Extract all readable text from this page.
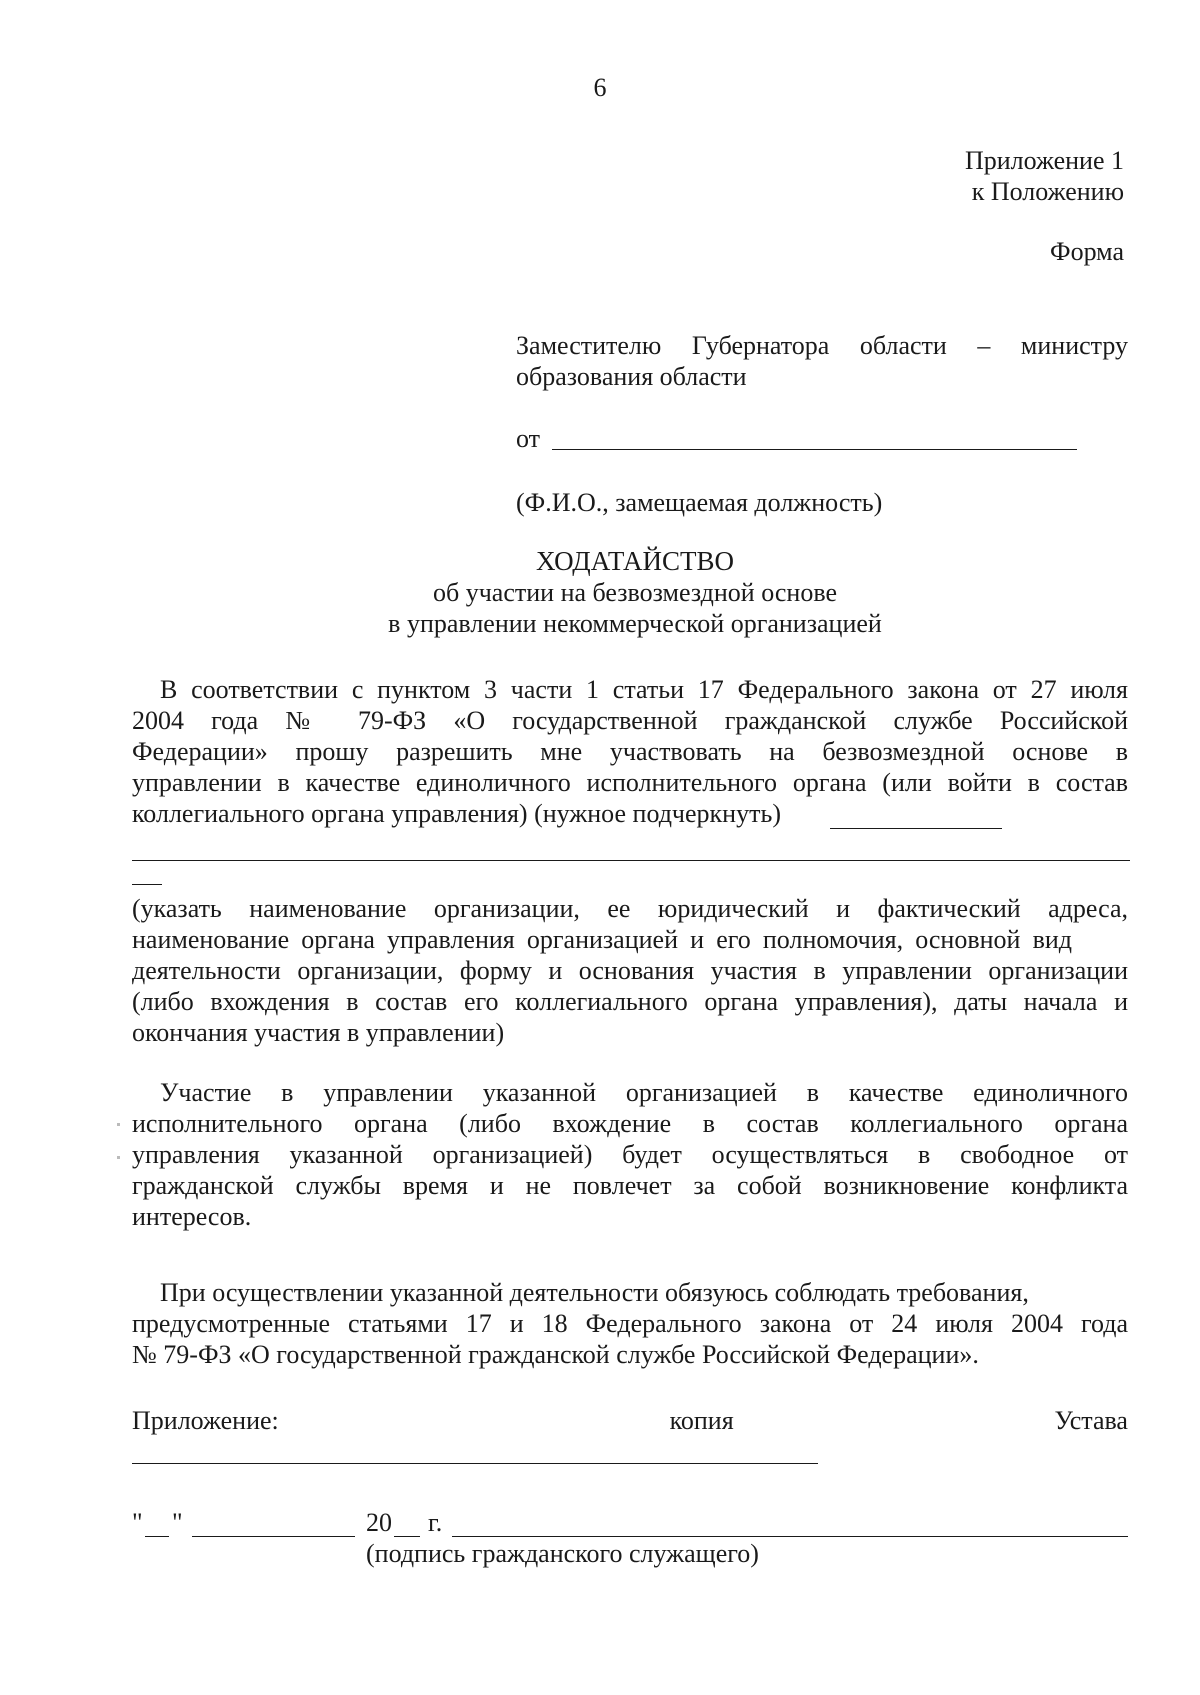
6
Приложение 1
к Положению
Форма
Заместителю Губернатора области – министру
образования области
от
(Ф.И.О., замещаемая должность)
ХОДАТАЙСТВО
об участии на безвозмездной основе
в управлении некоммерческой организацией
В соответствии с пунктом 3 части 1 статьи 17 Федерального закона от 27 июля
2004 года № 79-ФЗ «О государственной гражданской службе Российской
Федерации» прошу разрешить мне участвовать на безвозмездной основе в
управлении в качестве единоличного исполнительного органа (или войти в состав
коллегиального органа управления) (нужное подчеркнуть)
(указать наименование организации, ее юридический и фактический адреса,
наименование органа управления организацией и его полномочия, основной вид
деятельности организации, форму и основания участия в управлении организации
(либо вхождения в состав его коллегиального органа управления), даты начала и
окончания участия в управлении)
Участие в управлении указанной организацией в качестве единоличного
исполнительного органа (либо вхождение в состав коллегиального органа
управления указанной организацией) будет осуществляться в свободное от
гражданской службы время и не повлечет за собой возникновение конфликта
интересов.
При осуществлении указанной деятельности обязуюсь соблюдать требования,
предусмотренные статьями 17 и 18 Федерального закона от 24 июля 2004 года
№ 79-ФЗ «О государственной гражданской службе Российской Федерации».
Приложение:	копия	Устава
" "	20 г.
(подпись гражданского служащего)
